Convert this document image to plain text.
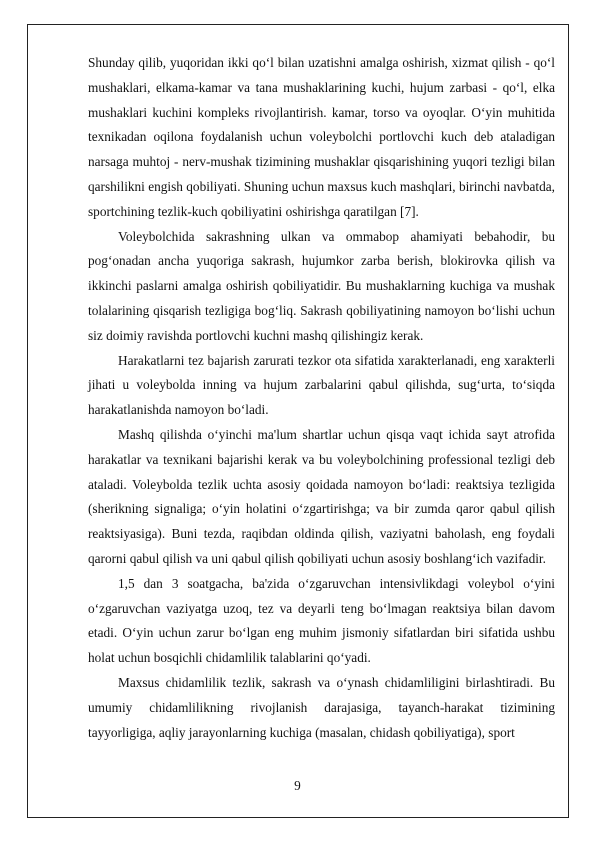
Shunday qilib, yuqoridan ikki qo‘l bilan uzatishni amalga oshirish, xizmat qilish - qo‘l mushaklari, elkama-kamar va tana mushaklarining kuchi, hujum zarbasi - qo‘l, elka mushaklari kuchini kompleks rivojlantirish. kamar, torso va oyoqlar. O‘yin muhitida texnikadan oqilona foydalanish uchun voleybolchi portlovchi kuch deb ataladigan narsaga muhtoj - nerv-mushak tizimining mushaklar qisqarishining yuqori tezligi bilan qarshilikni engish qobiliyati. Shuning uchun maxsus kuch mashqlari, birinchi navbatda, sportchining tezlik-kuch qobiliyatini oshirishga qaratilgan [7].

Voleybolchida sakrashning ulkan va ommabop ahamiyati bebahodir, bu pog‘onadan ancha yuqoriga sakrash, hujumkor zarba berish, blokirovka qilish va ikkinchi paslarni amalga oshirish qobiliyatidir. Bu mushaklarning kuchiga va mushak tolalarining qisqarish tezligiga bog‘liq. Sakrash qobiliyatining namoyon bo‘lishi uchun siz doimiy ravishda portlovchi kuchni mashq qilishingiz kerak.

Harakatlarni tez bajarish zarurati tezkor ota sifatida xarakterlanadi, eng xarakterli jihati u voleybolda inning va hujum zarbalarini qabul qilishda, sug‘urta, to‘siqda harakatlanishda namoyon bo‘ladi.

Mashq qilishda o‘yinchi ma'lum shartlar uchun qisqa vaqt ichida sayt atrofida harakatlar va texnikani bajarishi kerak va bu voleybolchining professional tezligi deb ataladi. Voleybolda tezlik uchta asosiy qoidada namoyon bo‘ladi: reaktsiya tezligida (sherikning signaliga; o‘yin holatini o‘zgartirishga; va bir zumda qaror qabul qilish reaktsiyasiga). Buni tezda, raqibdan oldinda qilish, vaziyatni baholash, eng foydali qarorni qabul qilish va uni qabul qilish qobiliyati uchun asosiy boshlang‘ich vazifadir.

1,5 dan 3 soatgacha, ba'zida o‘zgaruvchan intensivlikdagi voleybol o‘yini o‘zgaruvchan vaziyatga uzoq, tez va deyarli teng bo‘lmagan reaktsiya bilan davom etadi. O‘yin uchun zarur bo‘lgan eng muhim jismoniy sifatlardan biri sifatida ushbu holat uchun bosqichli chidamlilik talablarini qo‘yadi.

Maxsus chidamlilik tezlik, sakrash va o‘ynash chidamliligini birlashtiradi. Bu umumiy chidamlilikning rivojlanish darajasiga, tayanch-harakat tizimining tayyorligiga, aqliy jarayonlarning kuchiga (masalan, chidash qobiliyatiga), sport

9
